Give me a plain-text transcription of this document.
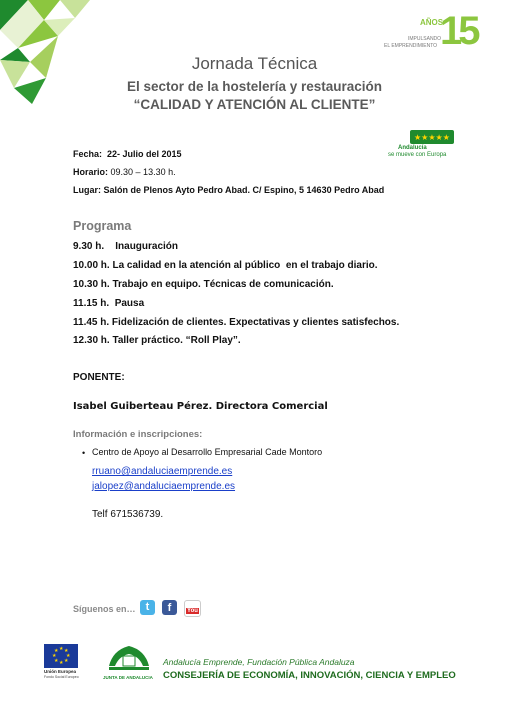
AÑOS
IMPULSANDO
EL EMPRENDIMIENTO 15
Jornada Técnica
El sector de la hostelería y restauración
“CALIDAD Y ATENCIÓN AL CLIENTE”
★★★★★
Andalucía
se mueve con Europa
Fecha: 22- Julio del 2015
Horario: 09.30 – 13.30 h.
Lugar: Salón de Plenos Ayto Pedro Abad. C/ Espino, 5 14630 Pedro Abad
Programa
9.30 h.    Inauguración
10.00 h. La calidad en la atención al público  en el trabajo diario.
10.30 h. Trabajo en equipo. Técnicas de comunicación.
11.15 h.  Pausa
11.45 h. Fidelización de clientes. Expectativas y clientes satisfechos.
12.30 h. Taller práctico. “Roll Play”.
PONENTE:
Isabel Guiberteau Pérez. Directora Comercial
Información e inscripciones:
• Centro de Apoyo al Desarrollo Empresarial Cade Montoro
rruano@andaluciaemprende.es
jalopez@andaluciaemprende.es
Telf 671536739.
Síguenos en… t	f	You
★ ★
★
★
★
★
★
★
Unión Europea
Fondo Social Europeo	JUNTA DE ANDALUCIA
Andalucía Emprende, Fundación Pública Andaluza
CONSEJERÍA DE ECONOMÍA, INNOVACIÓN, CIENCIA Y EMPLEO
